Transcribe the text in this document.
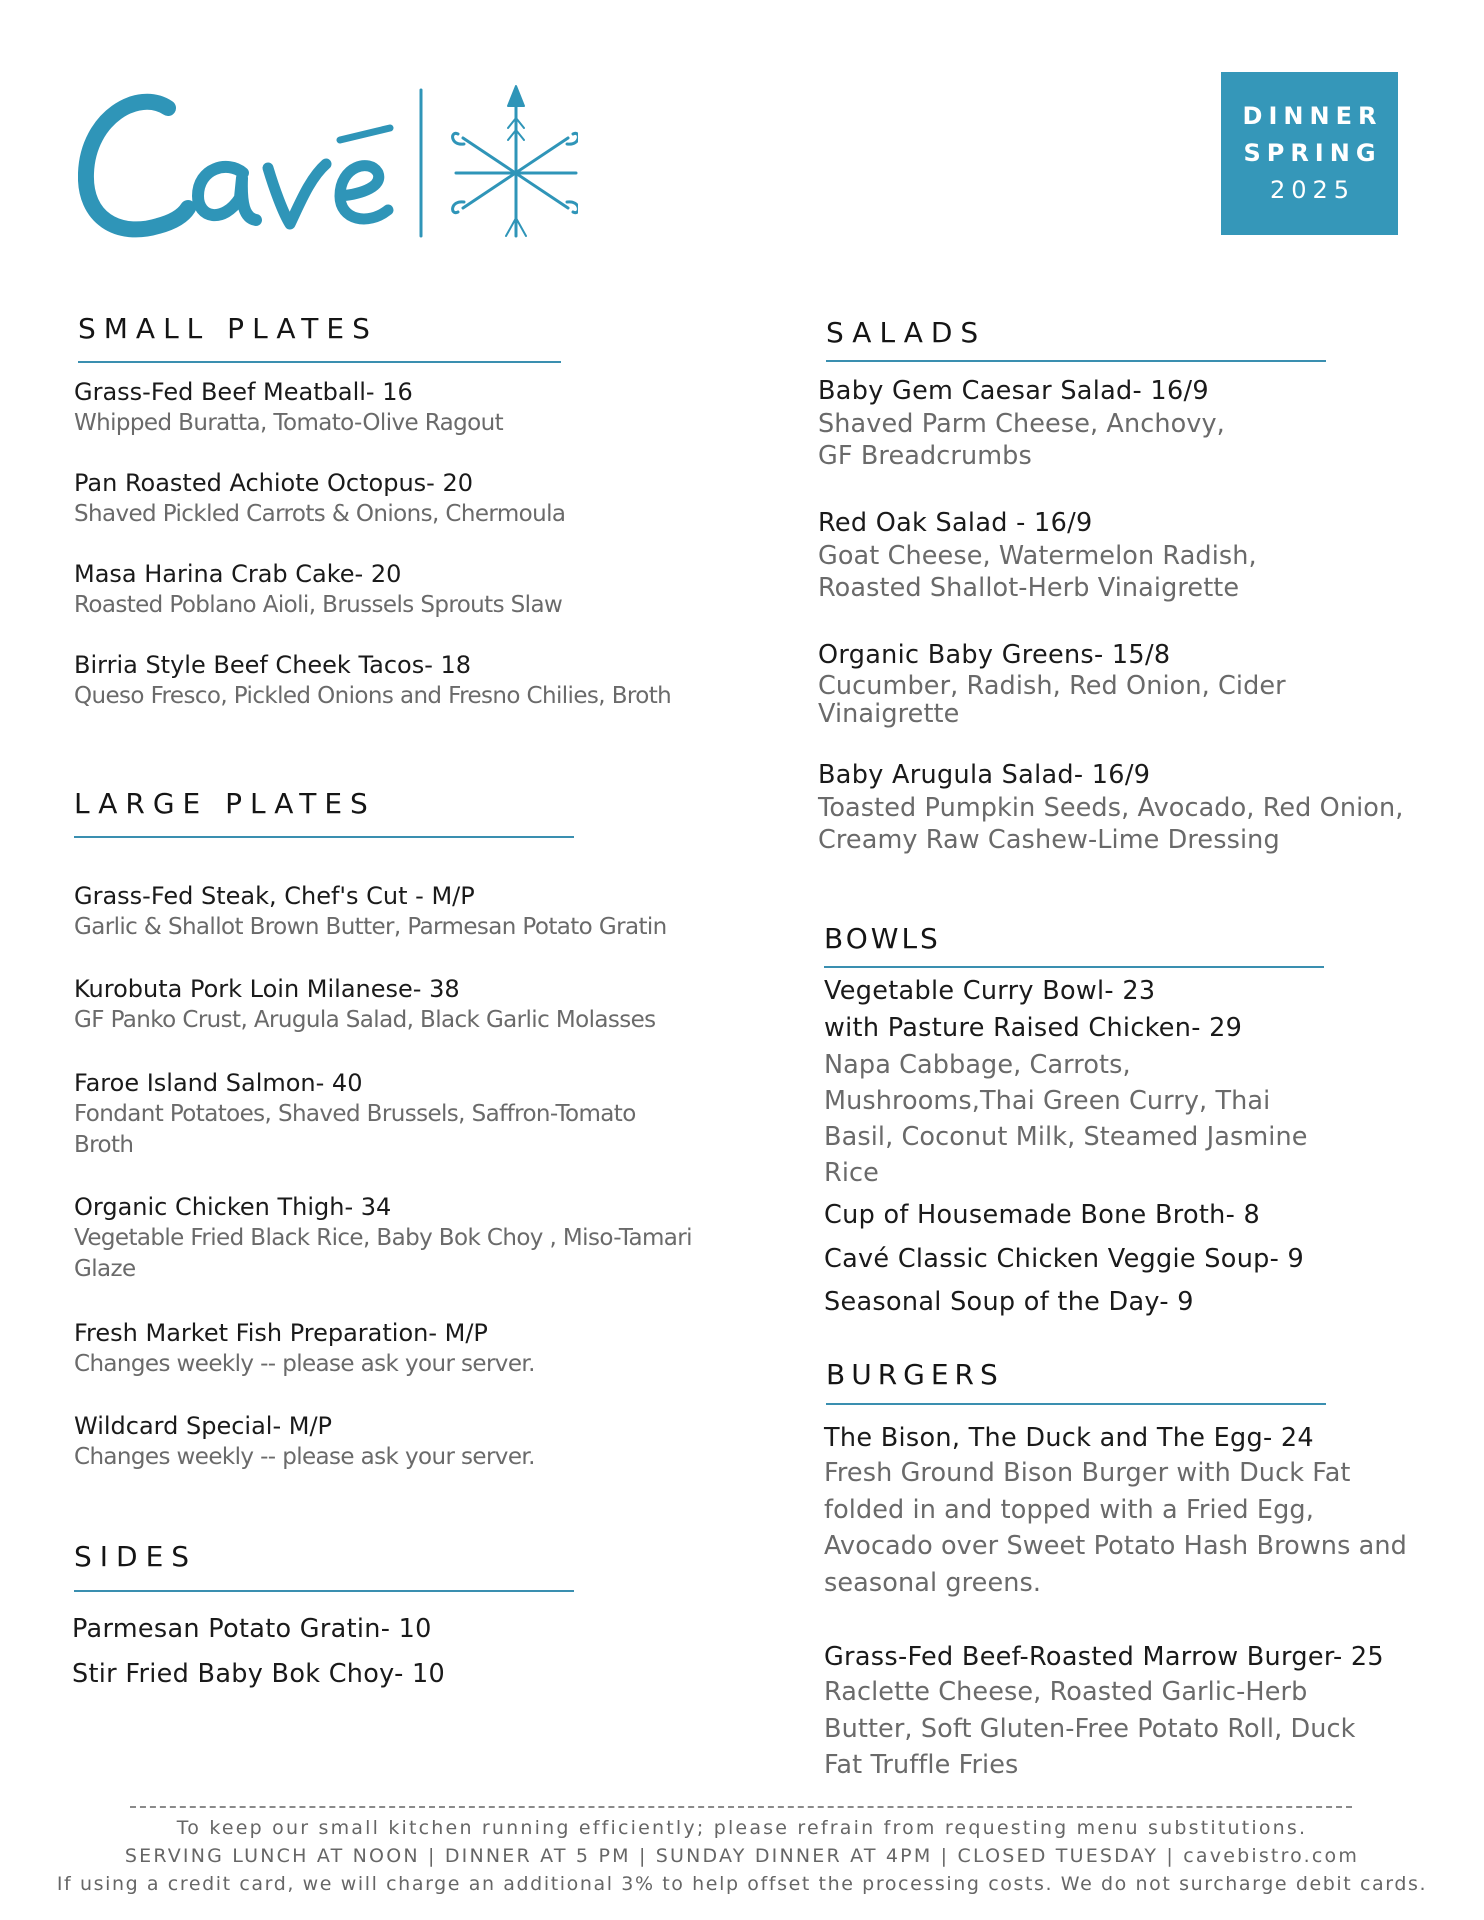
DINNER
SPRING
2025
SMALL PLATES
Grass-Fed Beef Meatball- 16
Whipped Buratta, Tomato-Olive Ragout
Pan Roasted Achiote Octopus- 20
Shaved Pickled Carrots & Onions, Chermoula
Masa Harina Crab Cake- 20
Roasted Poblano Aioli, Brussels Sprouts Slaw
Birria Style Beef Cheek Tacos- 18
Queso Fresco, Pickled Onions and Fresno Chilies, Broth
LARGE PLATES
Grass-Fed Steak, Chef's Cut - M/P
Garlic & Shallot Brown Butter, Parmesan Potato Gratin
Kurobuta Pork Loin Milanese- 38
GF Panko Crust, Arugula Salad, Black Garlic Molasses
Faroe Island Salmon- 40
Fondant Potatoes, Shaved Brussels, Saffron-Tomato Broth
Organic Chicken Thigh- 34
Vegetable Fried Black Rice, Baby Bok Choy , Miso-Tamari Glaze
Fresh Market Fish Preparation- M/P
Changes weekly -- please ask your server.
Wildcard Special- M/P
Changes weekly -- please ask your server.
SIDES
Parmesan Potato Gratin- 10
Stir Fried Baby Bok Choy- 10
SALADS
Baby Gem Caesar Salad- 16/9
Shaved Parm Cheese, Anchovy, GF Breadcrumbs
Red Oak Salad - 16/9
Goat Cheese, Watermelon Radish, Roasted Shallot-Herb Vinaigrette
Organic Baby Greens- 15/8
Cucumber, Radish, Red Onion, Cider Vinaigrette
Baby Arugula Salad- 16/9
Toasted Pumpkin Seeds, Avocado, Red Onion, Creamy Raw Cashew-Lime Dressing
BOWLS
Vegetable Curry Bowl- 23
with Pasture Raised Chicken- 29
Napa Cabbage, Carrots, Mushrooms,Thai Green Curry, Thai Basil, Coconut Milk, Steamed Jasmine Rice
Cup of Housemade Bone Broth- 8
Cavé Classic Chicken Veggie Soup- 9
Seasonal Soup of the Day- 9
BURGERS
The Bison, The Duck and The Egg- 24
Fresh Ground Bison Burger with Duck Fat folded in and topped with a Fried Egg, Avocado over Sweet Potato Hash Browns and seasonal greens.
Grass-Fed Beef-Roasted Marrow Burger- 25
Raclette Cheese, Roasted Garlic-Herb Butter, Soft Gluten-Free Potato Roll, Duck Fat Truffle Fries
To keep our small kitchen running efficiently; please refrain from requesting menu substitutions.
SERVING LUNCH AT NOON | DINNER AT 5 PM | SUNDAY DINNER AT 4PM | CLOSED TUESDAY | cavebistro.com
If using a credit card, we will charge an additional 3% to help offset the processing costs. We do not surcharge debit cards.
